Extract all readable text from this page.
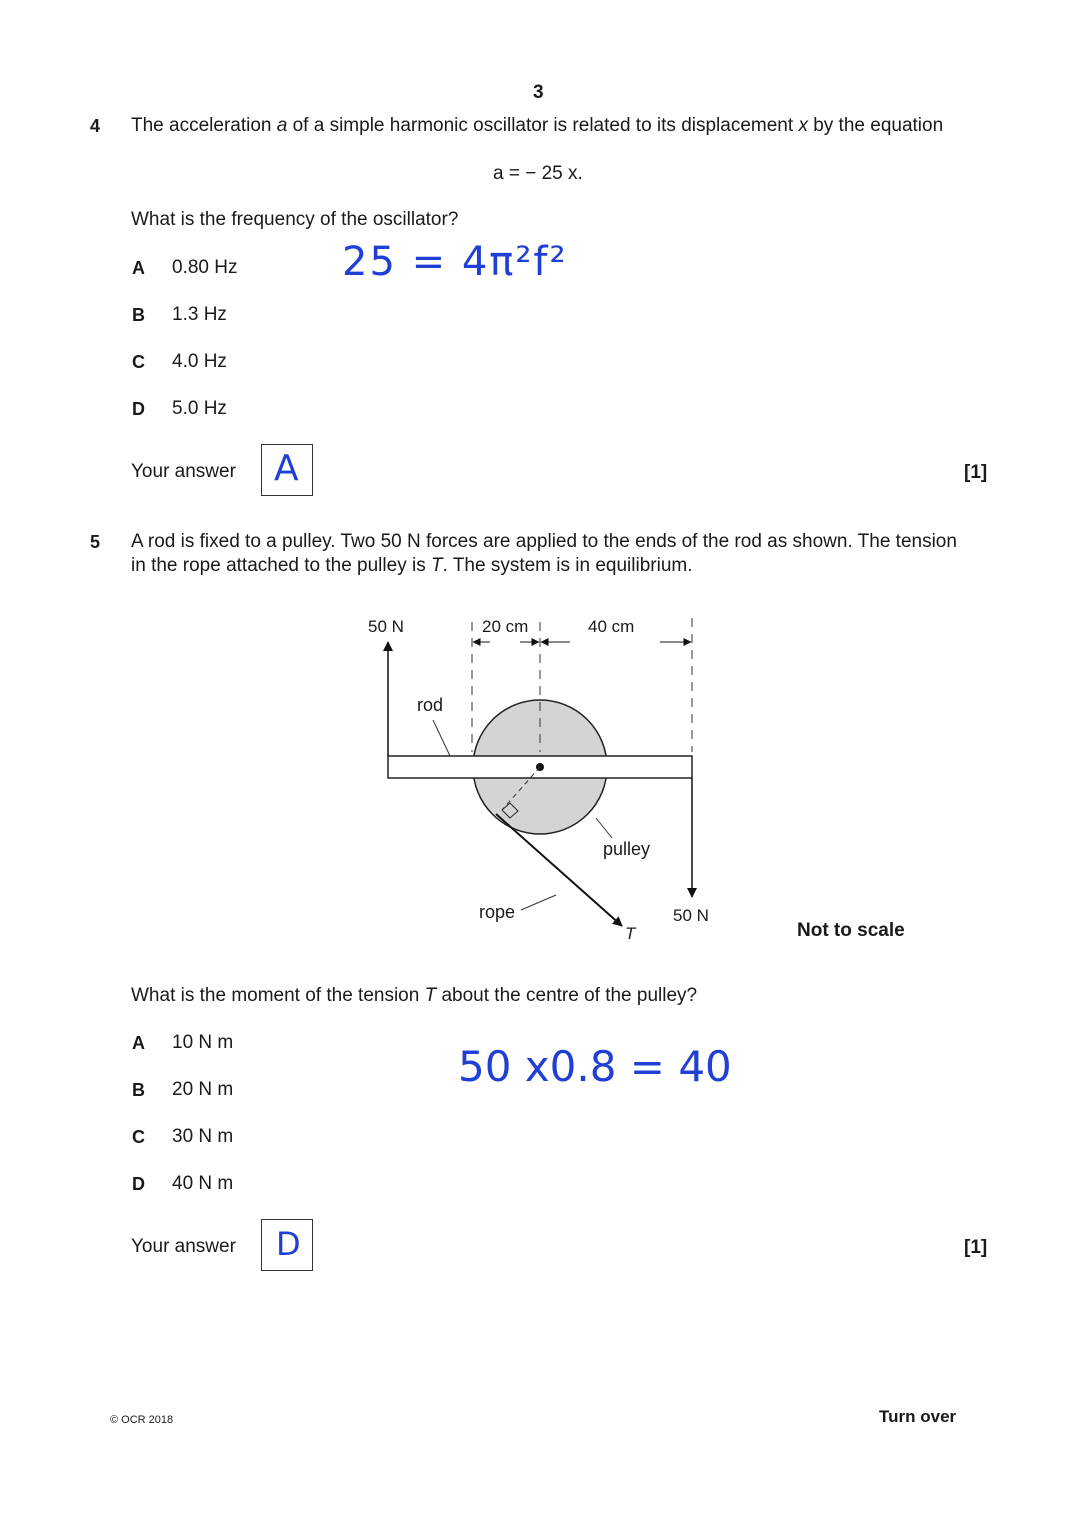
3
4 The acceleration a of a simple harmonic oscillator is related to its displacement x by the equation
a = − 25 x.
What is the frequency of the oscillator?
A 0.80 Hz
B 1.3 Hz
C 4.0 Hz
D 5.0 Hz
25 = 4π²f²
Your answer A	[1]
5 A rod is fixed to a pulley. Two 50 N forces are applied to the ends of the rod as shown. The tension
in the rope attached to the pulley is T. The system is in equilibrium.
50 N	20 cm	40 cm
rod
pulley
rope
T
50 N
Not to scale
What is the moment of the tension T about the centre of the pulley?
A 10 N m
B 20 N m
C 30 N m
D 40 N m
50 x0.8 = 40
Your answer D	[1]
© OCR 2018	Turn over
